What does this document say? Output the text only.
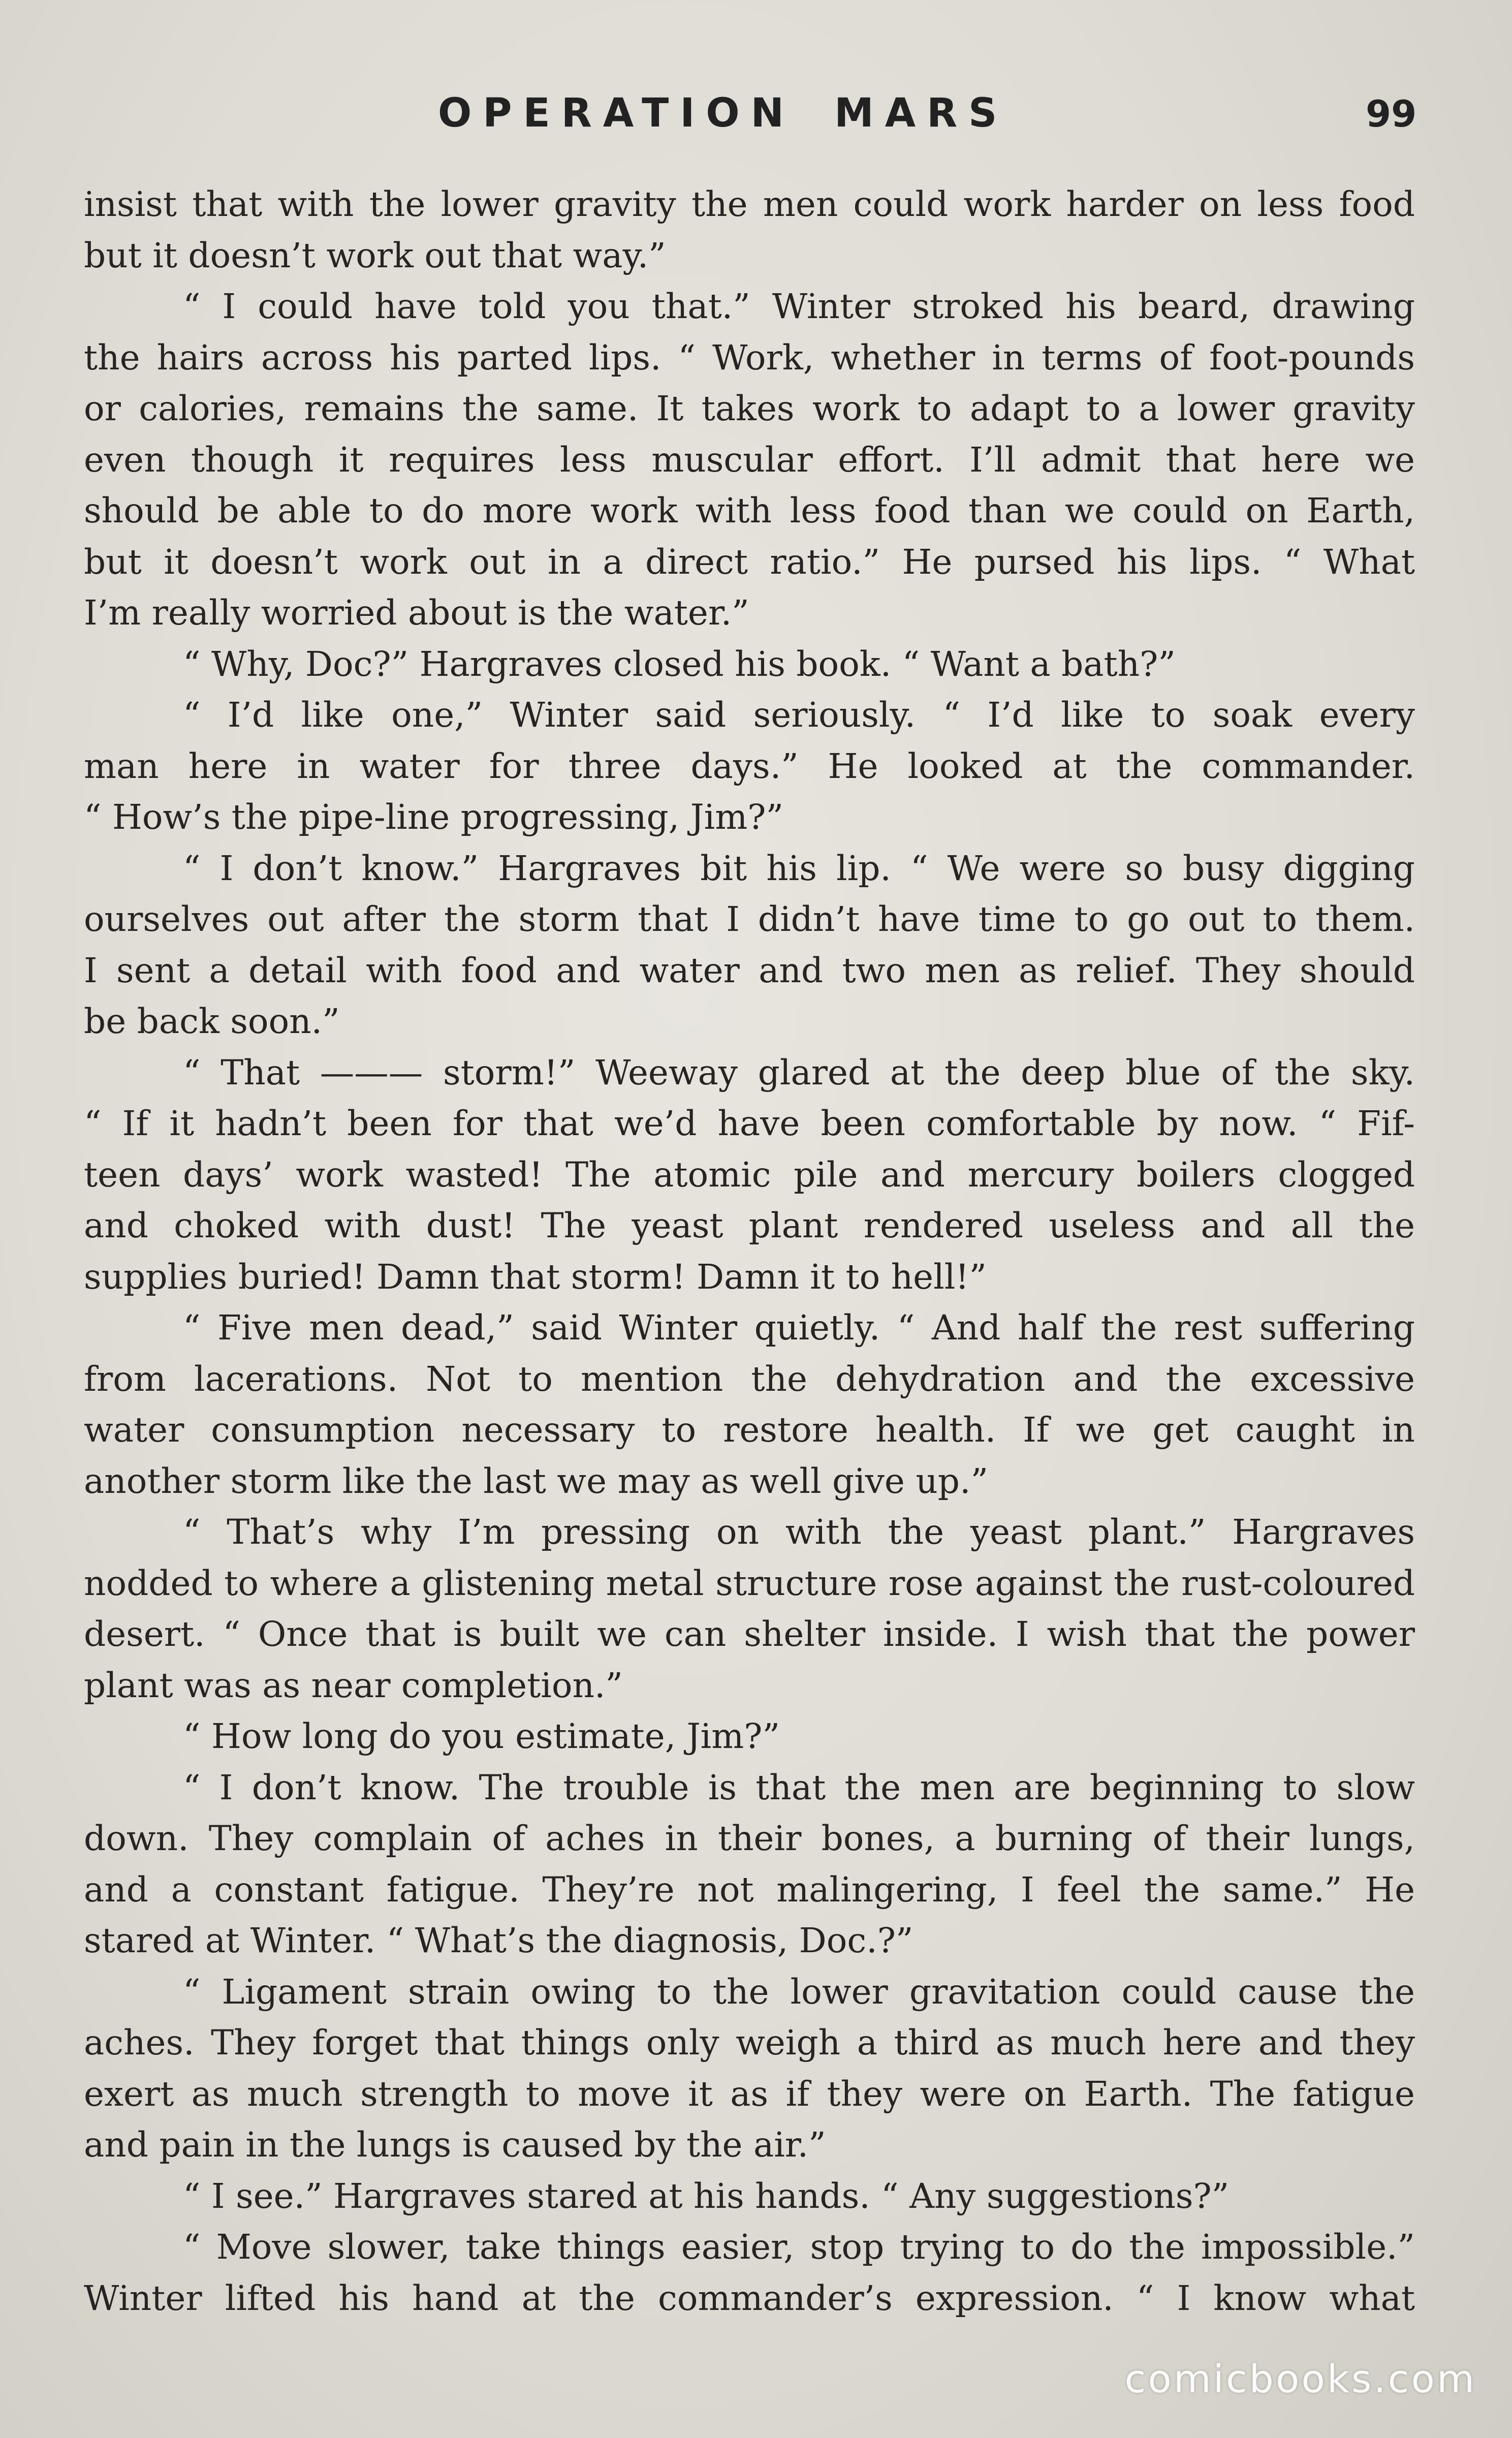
OPERATION MARS	99
insist that with the lower gravity the men could work harder on less food
but it doesn’t work out that way.”
“ I could have told you that.” Winter stroked his beard, drawing
the hairs across his parted lips. “ Work, whether in terms of foot-pounds
or calories, remains the same. It takes work to adapt to a lower gravity
even though it requires less muscular effort. I’ll admit that here we
should be able to do more work with less food than we could on Earth,
but it doesn’t work out in a direct ratio.” He pursed his lips. “ What
I’m really worried about is the water.”
“ Why, Doc?” Hargraves closed his book. “ Want a bath?”
“ I’d like one,” Winter said seriously. “ I’d like to soak every
man here in water for three days.” He looked at the commander.
“ How’s the pipe-line progressing, Jim?”
“ I don’t know.” Hargraves bit his lip. “ We were so busy digging
ourselves out after the storm that I didn’t have time to go out to them.
I sent a detail with food and water and two men as relief. They should
be back soon.”
“ That ——— storm!” Weeway glared at the deep blue of the sky.
“ If it hadn’t been for that we’d have been comfortable by now. “ Fif-
teen days’ work wasted! The atomic pile and mercury boilers clogged
and choked with dust! The yeast plant rendered useless and all the
supplies buried! Damn that storm! Damn it to hell!”
“ Five men dead,” said Winter quietly. “ And half the rest suffering
from lacerations. Not to mention the dehydration and the excessive
water consumption necessary to restore health. If we get caught in
another storm like the last we may as well give up.”
“ That’s why I’m pressing on with the yeast plant.” Hargraves
nodded to where a glistening metal structure rose against the rust-coloured
desert. “ Once that is built we can shelter inside. I wish that the power
plant was as near completion.”
“ How long do you estimate, Jim?”
“ I don’t know. The trouble is that the men are beginning to slow
down. They complain of aches in their bones, a burning of their lungs,
and a constant fatigue. They’re not malingering, I feel the same.” He
stared at Winter. “ What’s the diagnosis, Doc.?”
“ Ligament strain owing to the lower gravitation could cause the
aches. They forget that things only weigh a third as much here and they
exert as much strength to move it as if they were on Earth. The fatigue
and pain in the lungs is caused by the air.”
“ I see.” Hargraves stared at his hands. “ Any suggestions?”
“ Move slower, take things easier, stop trying to do the impossible.”
Winter lifted his hand at the commander’s expression. “ I know what
comicbooks.com
